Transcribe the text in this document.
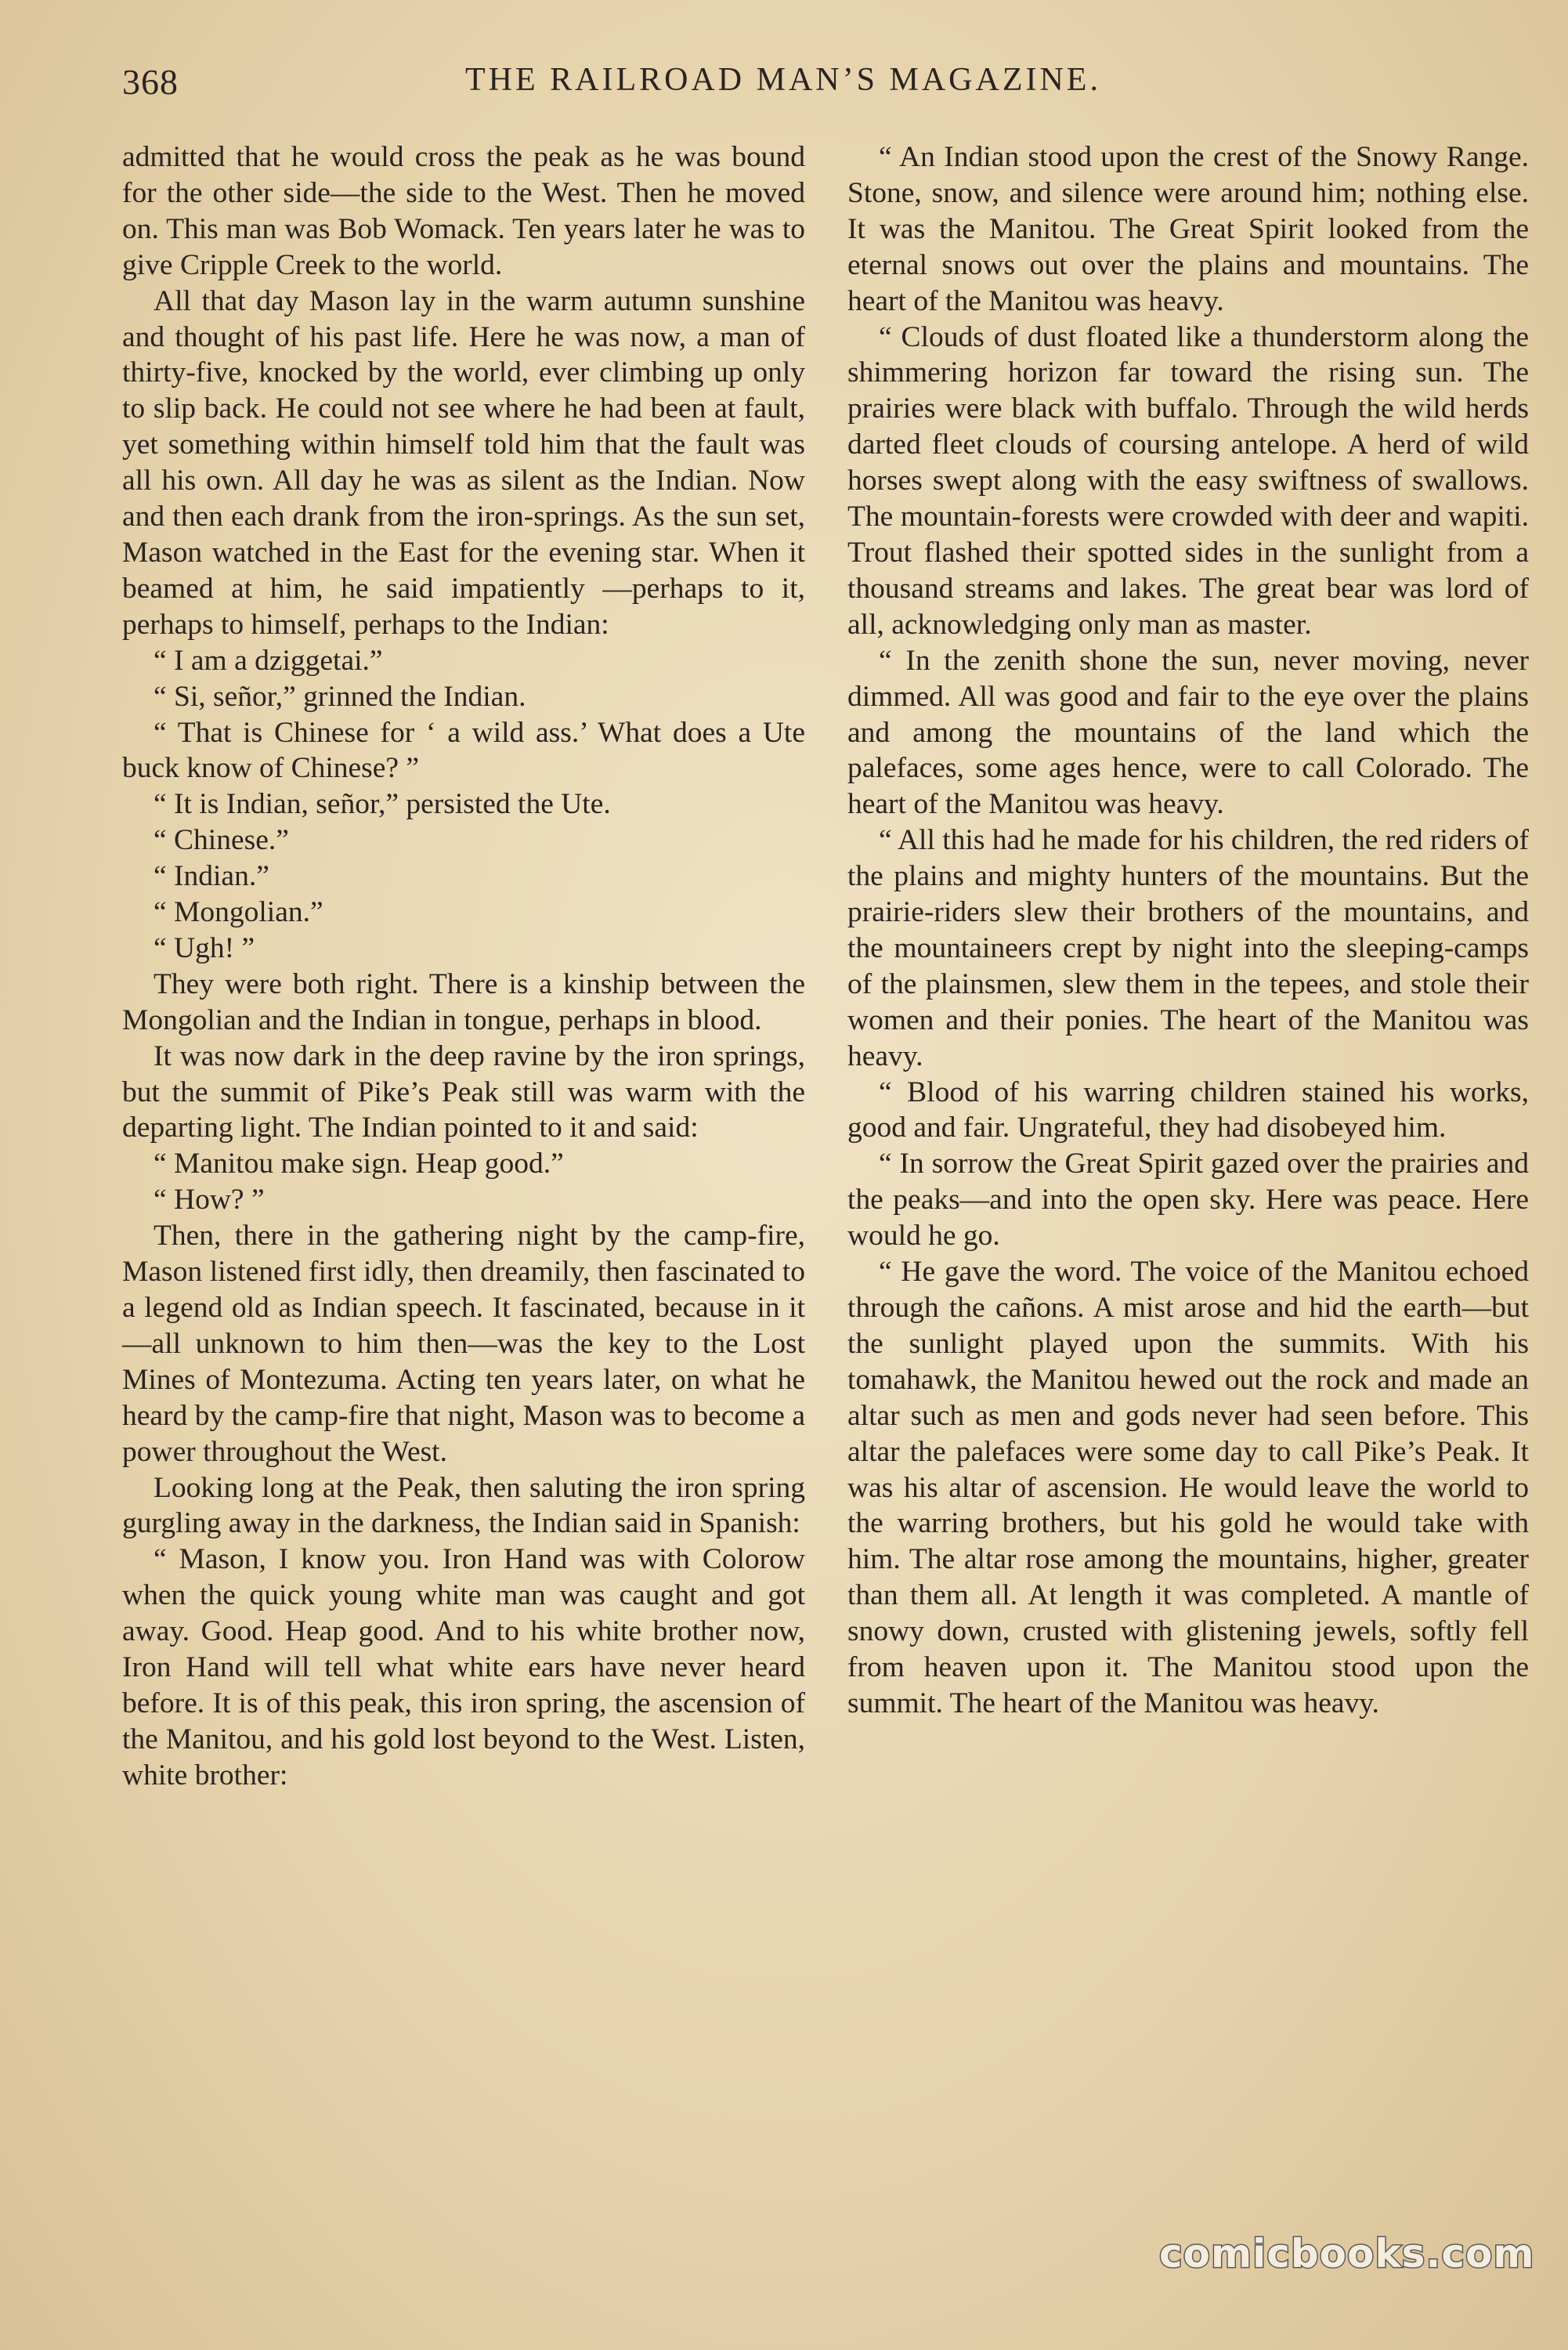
368	THE RAILROAD MAN’S MAGAZINE.

admitted that he would cross the peak as he was bound for the other side—the side to the West. Then he moved on. This man was Bob Womack. Ten years later he was to give Cripple Creek to the world.

All that day Mason lay in the warm autumn sunshine and thought of his past life. Here he was now, a man of thirty-five, knocked by the world, ever climbing up only to slip back. He could not see where he had been at fault, yet something within himself told him that the fault was all his own. All day he was as silent as the Indian. Now and then each drank from the iron-springs. As the sun set, Mason watched in the East for the evening star. When it beamed at him, he said impatiently —perhaps to it, perhaps to himself, perhaps to the Indian:

“ I am a dziggetai.”

“ Si, señor,” grinned the Indian.

“ That is Chinese for ‘ a wild ass.’ What does a Ute buck know of Chinese? ”

“ It is Indian, señor,” persisted the Ute.

“ Chinese.”

“ Indian.”

“ Mongolian.”

“ Ugh! ”

They were both right. There is a kinship between the Mongolian and the Indian in tongue, perhaps in blood.

It was now dark in the deep ravine by the iron springs, but the summit of Pike’s Peak still was warm with the departing light. The Indian pointed to it and said:

“ Manitou make sign. Heap good.”

“ How? ”

Then, there in the gathering night by the camp-fire, Mason listened first idly, then dreamily, then fascinated to a legend old as Indian speech. It fascinated, because in it—all unknown to him then—was the key to the Lost Mines of Montezuma. Acting ten years later, on what he heard by the camp-fire that night, Mason was to become a power throughout the West.

Looking long at the Peak, then saluting the iron spring gurgling away in the darkness, the Indian said in Spanish:

“ Mason, I know you. Iron Hand was with Colorow when the quick young white man was caught and got away. Good. Heap good. And to his white brother now, Iron Hand will tell what white ears have never heard before. It is of this peak, this iron spring, the ascension of the Manitou, and his gold lost beyond to the West. Listen, white brother:

“ An Indian stood upon the crest of the Snowy Range. Stone, snow, and silence were around him; nothing else. It was the Manitou. The Great Spirit looked from the eternal snows out over the plains and mountains. The heart of the Manitou was heavy.

“ Clouds of dust floated like a thunderstorm along the shimmering horizon far toward the rising sun. The prairies were black with buffalo. Through the wild herds darted fleet clouds of coursing antelope. A herd of wild horses swept along with the easy swiftness of swallows. The mountain-forests were crowded with deer and wapiti. Trout flashed their spotted sides in the sunlight from a thousand streams and lakes. The great bear was lord of all, acknowledging only man as master.

“ In the zenith shone the sun, never moving, never dimmed. All was good and fair to the eye over the plains and among the mountains of the land which the palefaces, some ages hence, were to call Colorado. The heart of the Manitou was heavy.

“ All this had he made for his children, the red riders of the plains and mighty hunters of the mountains. But the prairie-riders slew their brothers of the mountains, and the mountaineers crept by night into the sleeping-camps of the plainsmen, slew them in the tepees, and stole their women and their ponies. The heart of the Manitou was heavy.

“ Blood of his warring children stained his works, good and fair. Ungrateful, they had disobeyed him.

“ In sorrow the Great Spirit gazed over the prairies and the peaks—and into the open sky. Here was peace. Here would he go.

“ He gave the word. The voice of the Manitou echoed through the cañons. A mist arose and hid the earth—but the sunlight played upon the summits. With his tomahawk, the Manitou hewed out the rock and made an altar such as men and gods never had seen before. This altar the palefaces were some day to call Pike’s Peak. It was his altar of ascension. He would leave the world to the warring brothers, but his gold he would take with him. The altar rose among the mountains, higher, greater than them all. At length it was completed. A mantle of snowy down, crusted with glistening jewels, softly fell from heaven upon it. The Manitou stood upon the summit. The heart of the Manitou was heavy.

comicbooks.com
